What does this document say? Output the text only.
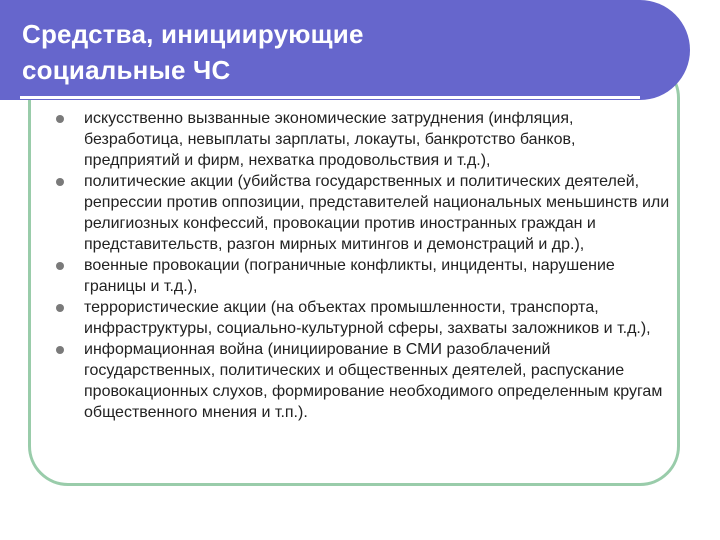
Средства, инициирующие
социальные ЧС
искусственно вызванные экономические затруднения (инфляция, безработица, невыплаты зарплаты, локауты, банкротство банков, предприятий и фирм, нехватка продовольствия и т.д.),
политические акции (убийства государственных и политических деятелей, репрессии против оппозиции, представителей национальных меньшинств или религиозных конфессий, провокации против иностранных граждан и представительств, разгон мирных митингов и демонстраций и др.),
военные провокации (пограничные конфликты, инциденты, нарушение границы и т.д.),
террористические акции (на объектах промышленности, транспорта, инфраструктуры, социально-культурной сферы, захваты заложников и т.д.),
информационная война (инициирование в СМИ разоблачений государственных, политических и общественных деятелей, распускание провокационных слухов, формирование необходимого определенным кругам общественного мнения и т.п.).
